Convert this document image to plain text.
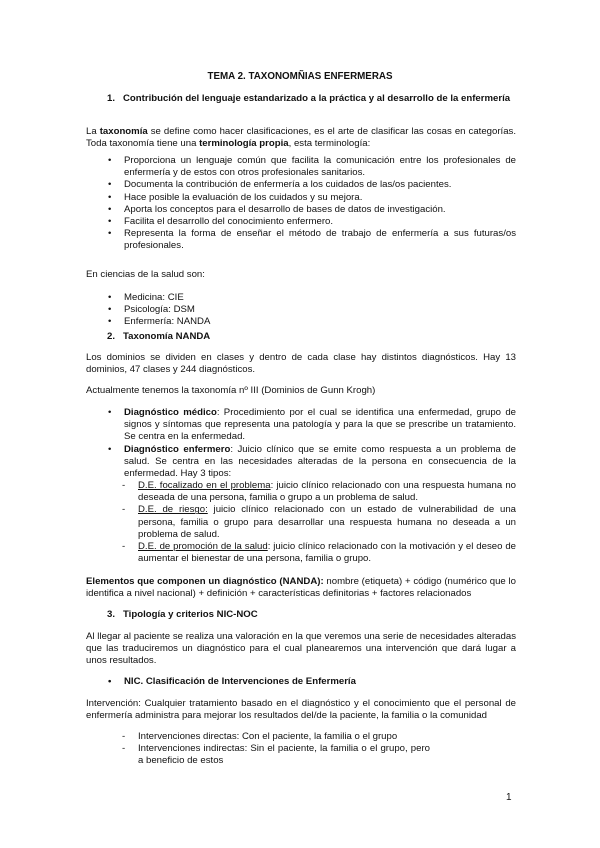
TEMA 2. TAXONOMÑIAS ENFERMERAS
1. Contribución del lenguaje estandarizado a la práctica y al desarrollo de la enfermería
La taxonomía se define como hacer clasificaciones, es el arte de clasificar las cosas en categorías. Toda taxonomía tiene una terminología propia, esta terminología:
• Proporciona un lenguaje común que facilita la comunicación entre los profesionales de enfermería y de estos con otros profesionales sanitarios.
• Documenta la contribución de enfermería a los cuidados de las/os pacientes.
• Hace posible la evaluación de los cuidados y su mejora.
• Aporta los conceptos para el desarrollo de bases de datos de investigación.
• Facilita el desarrollo del conocimiento enfermero.
• Representa la forma de enseñar el método de trabajo de enfermería a sus futuras/os profesionales.
En ciencias de la salud son:
• Medicina: CIE
• Psicología: DSM
• Enfermería: NANDA
2. Taxonomía NANDA
Los dominios se dividen en clases y dentro de cada clase hay distintos diagnósticos. Hay 13 dominios, 47 clases y 244 diagnósticos.
Actualmente tenemos la taxonomía nº III (Dominios de Gunn Krogh)
• Diagnóstico médico: Procedimiento por el cual se identifica una enfermedad, grupo de signos y síntomas que representa una patología y para la que se prescribe un tratamiento. Se centra en la enfermedad.
• Diagnóstico enfermero: Juicio clínico que se emite como respuesta a un problema de salud. Se centra en las necesidades alteradas de la persona en consecuencia de la enfermedad. Hay 3 tipos:
- D.E. focalizado en el problema: juicio clínico relacionado con una respuesta humana no deseada de una persona, familia o grupo a un problema de salud.
- D.E. de riesgo: juicio clínico relacionado con un estado de vulnerabilidad de una persona, familia o grupo para desarrollar una respuesta humana no deseada a un problema de salud.
- D.E. de promoción de la salud: juicio clínico relacionado con la motivación y el deseo de aumentar el bienestar de una persona, familia o grupo.
Elementos que componen un diagnóstico (NANDA): nombre (etiqueta) + código (numérico que lo identifica a nivel nacional) + definición + características definitorias + factores relacionados
3. Tipología y criterios NIC-NOC
Al llegar al paciente se realiza una valoración en la que veremos una serie de necesidades alteradas que las traduciremos un diagnóstico para el cual planearemos una intervención que dará lugar a unos resultados.
• NIC. Clasificación de Intervenciones de Enfermería
Intervención: Cualquier tratamiento basado en el diagnóstico y el conocimiento que el personal de enfermería administra para mejorar los resultados del/de la paciente, la familia o la comunidad
- Intervenciones directas: Con el paciente, la familia o el grupo
- Intervenciones indirectas: Sin el paciente, la familia o el grupo, pero a beneficio de estos
1
